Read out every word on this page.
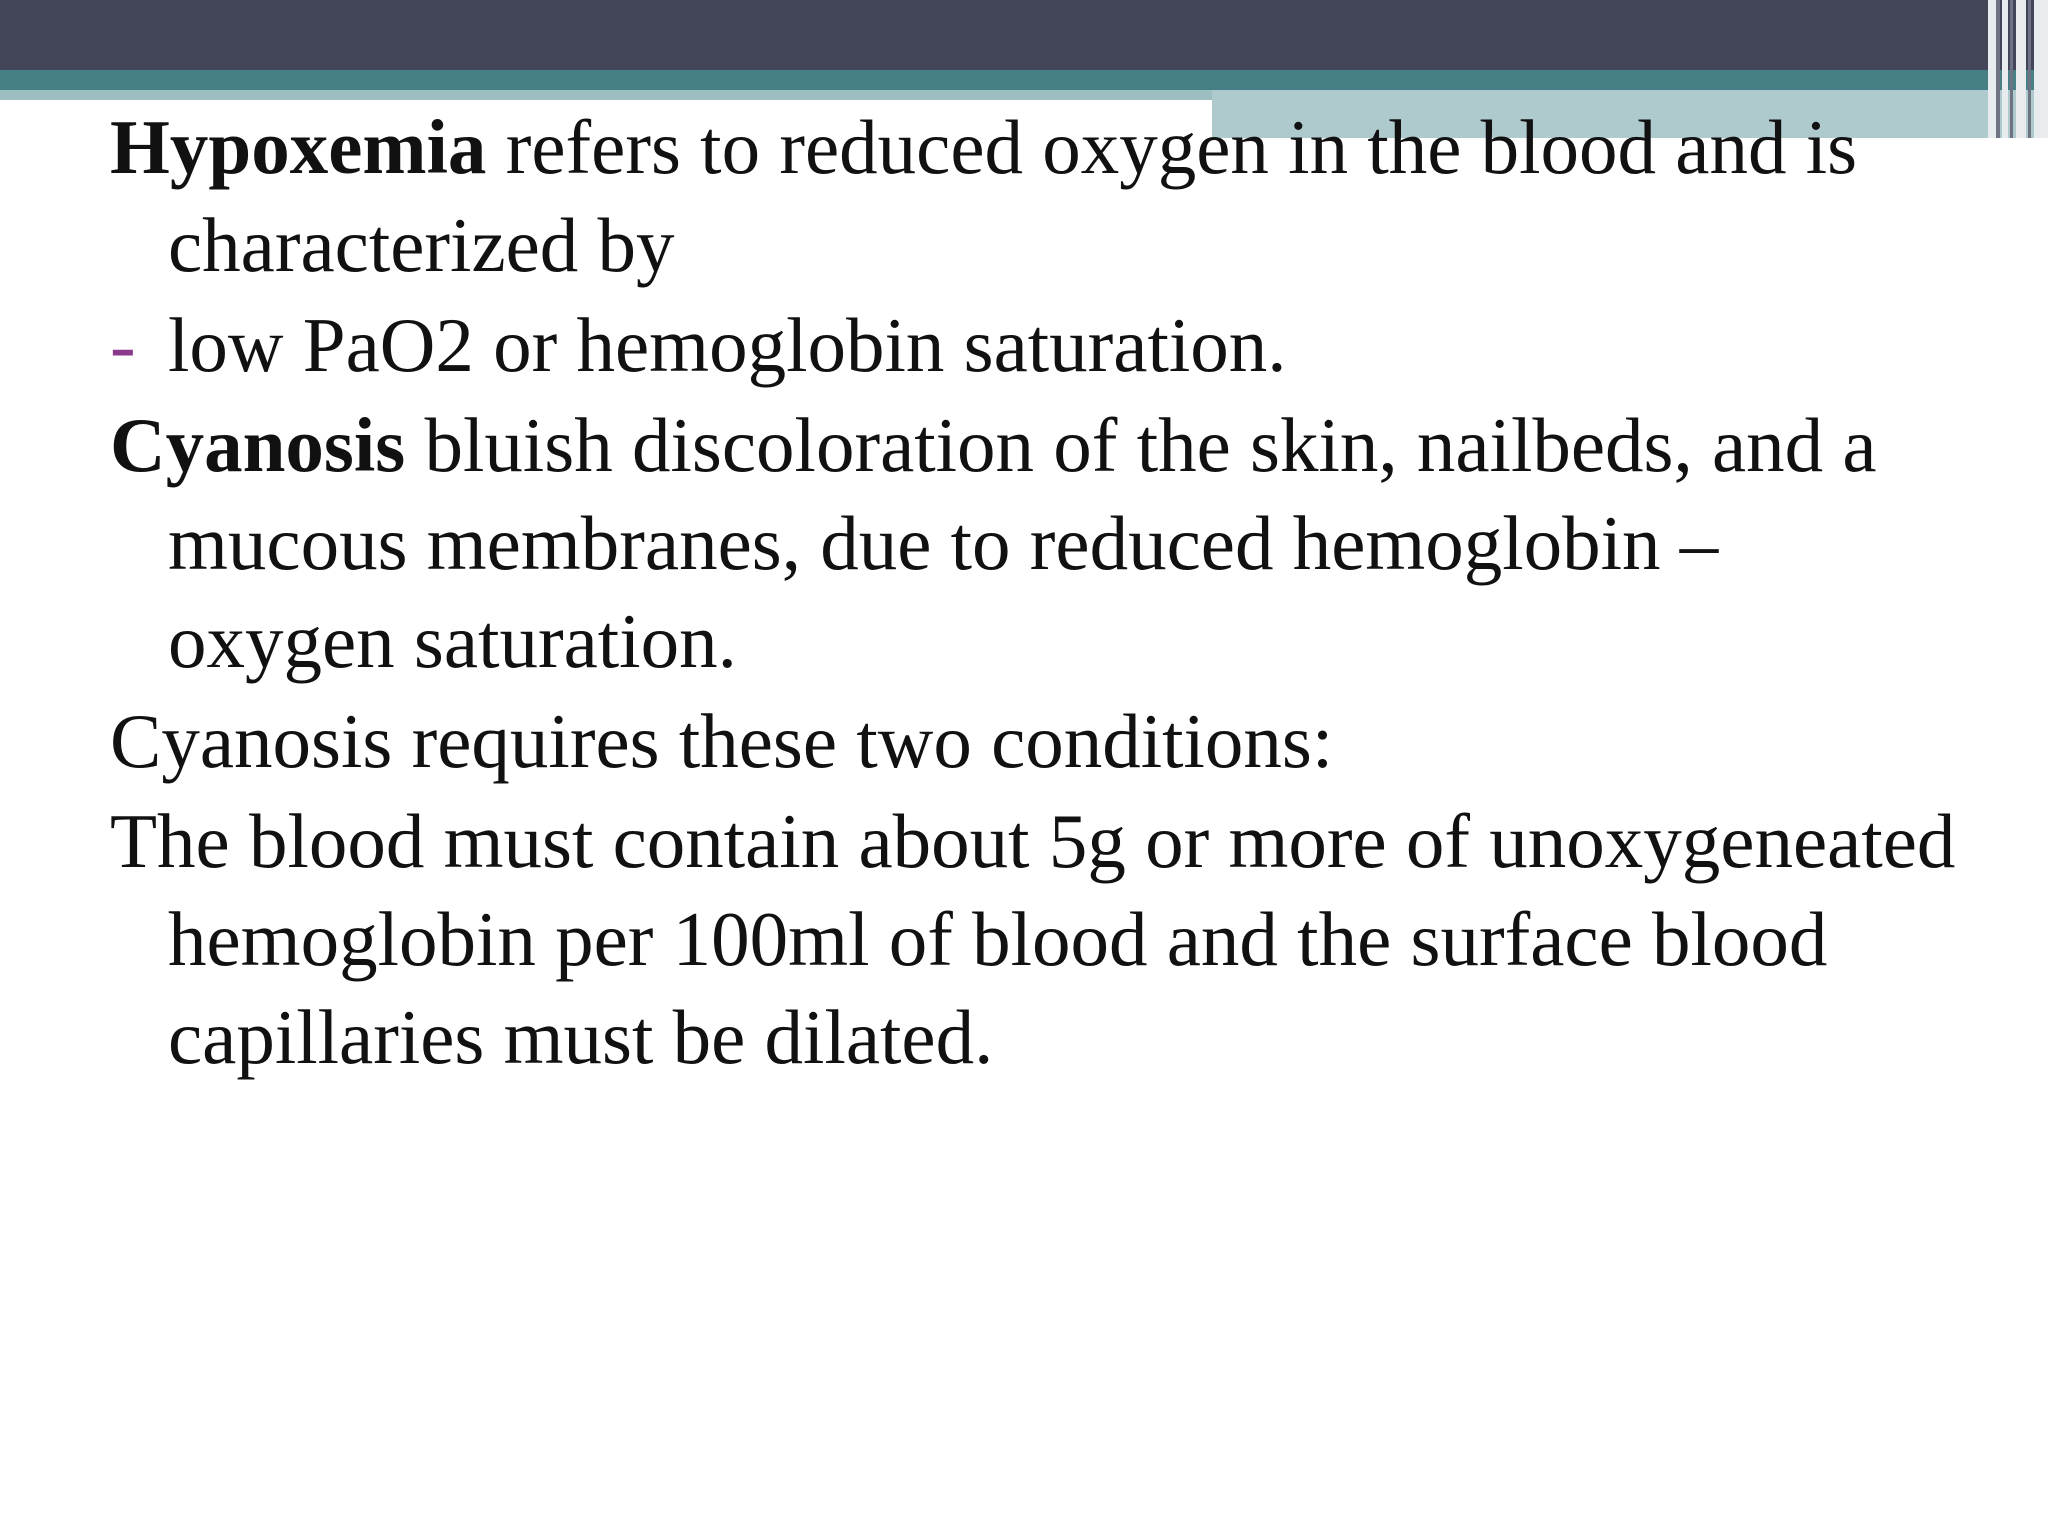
Hypoxemia refers to reduced oxygen in the blood and is characterized by

- low PaO2 or hemoglobin saturation.

Cyanosis bluish discoloration of the skin, nailbeds, and a mucous membranes, due to reduced hemoglobin – oxygen saturation.

Cyanosis requires these two conditions:

The blood must contain about 5g or more of unoxygeneated hemoglobin per 100ml of blood and the surface blood capillaries must be dilated.
